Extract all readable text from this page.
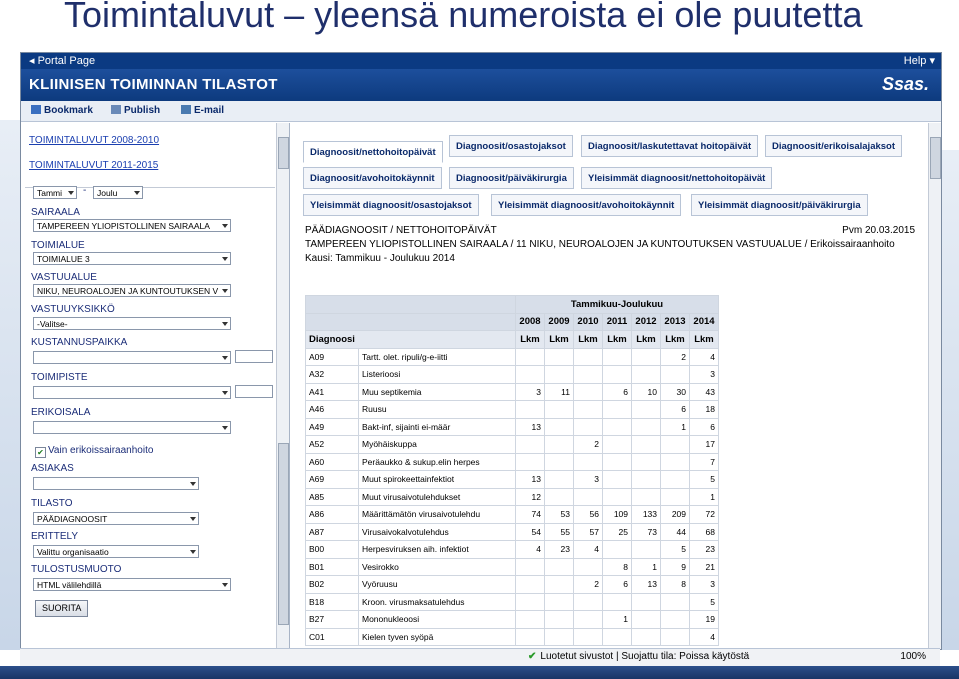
Toimintaluvut – yleensä numeroista ei ole puutetta
◂ Portal Page	Help ▾
KLIINISEN TOIMINNAN TILASTOT	Ssas.
Bookmark	Publish	E-mail
TOIMINTALUVUT 2008-2010
TOIMINTALUVUT 2011-2015
Tammi	-	Joulu
SAIRAALA
TAMPEREEN YLIOPISTOLLINEN SAIRAALA
TOIMIALUE
TOIMIALUE 3
VASTUUALUE
NIKU, NEUROALOJEN JA KUNTOUTUKSEN V
VASTUUYKSIKKÖ
-Valitse-
KUSTANNUSPAIKKA
TOIMIPISTE
ERIKOISALA
✔ Vain erikoissairaanhoito
ASIAKAS
TILASTO
PÄÄDIAGNOOSIT
ERITTELY
Valittu organisaatio
TULOSTUSMUOTO
HTML välilehdillä
SUORITA
Diagnoosit/nettohoitopäivät
Diagnoosit/osastojaksot	Diagnoosit/laskutettavat hoitopäivät	Diagnoosit/erikoisalajaksot
Diagnoosit/avohoitokäynnit	Diagnoosit/päiväkirurgia	Yleisimmät diagnoosit/nettohoitopäivät
Yleisimmät diagnoosit/osastojaksot	Yleisimmät diagnoosit/avohoitokäynnit	Yleisimmät diagnoosit/päiväkirurgia
PÄÄDIAGNOOSIT / NETTOHOITOPÄIVÄT	Pvm 20.03.2015
TAMPEREEN YLIOPISTOLLINEN SAIRAALA / 11 NIKU, NEUROALOJEN JA KUNTOUTUKSEN VASTUUALUE / Erikoissairaanhoito
Kausi: Tammikuu - Joulukuu 2014
		Tammikuu-Joulukuu						
		2008	2009	2010	2011	2012	2013	2014
Diagnoosi		Lkm	Lkm	Lkm	Lkm	Lkm	Lkm	Lkm
A09	Tartt. olet. ripuli/g-e-iitti						2	4
A32	Listerioosi							3
A41	Muu septikemia	3	11		6	10	30	43
A46	Ruusu						6	18
A49	Bakt-inf, sijainti ei-määr	13					1	6
A52	Myöhäiskuppa			2				17
A60	Peräaukko & sukup.elin herpes							7
A69	Muut spirokeettainfektiot	13		3				5
A85	Muut virusaivotulehdukset	12						1
A86	Määrittämätön virusaivotulehdu	74	53	56	109	133	209	72
A87	Virusaivokalvotulehdus	54	55	57	25	73	44	68
B00	Herpesviruksen aih. infektiot	4	23	4			5	23
B01	Vesirokko				8	1	9	21
B02	Vyöruusu			2	6	13	8	3
B18	Kroon. virusmaksatulehdus							5
B27	Mononukleoosi				1			19
C01	Kielen tyven syöpä							4
✔ Luotetut sivustot | Suojattu tila: Poissa käytöstä	100%
